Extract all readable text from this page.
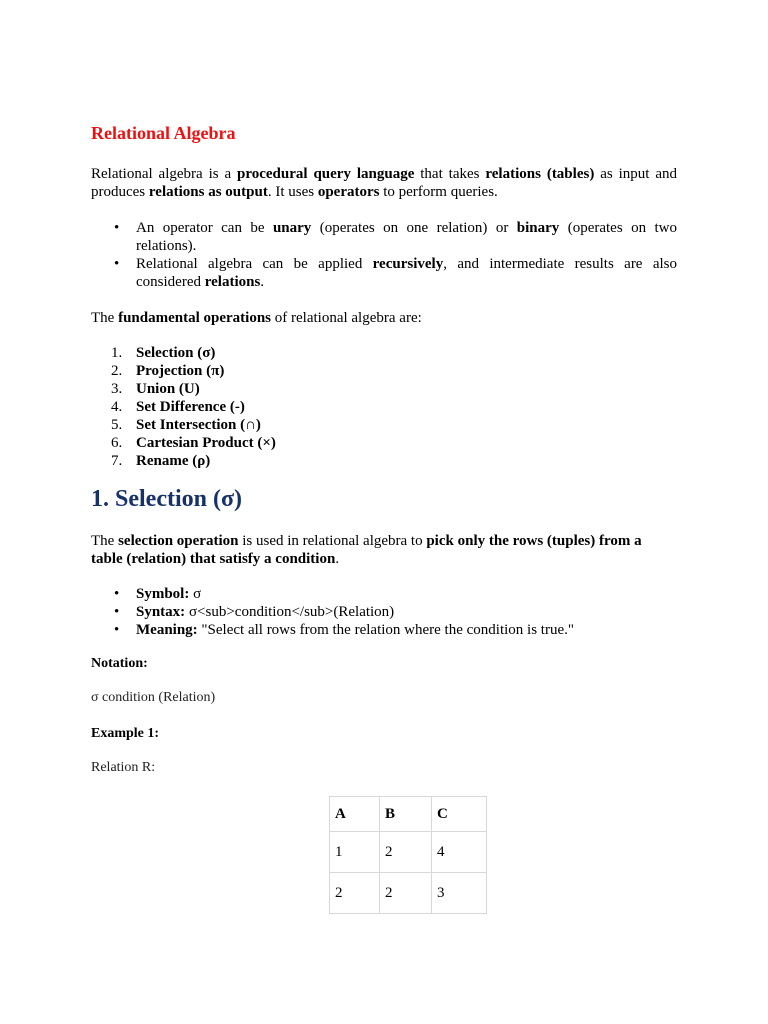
Relational Algebra

Relational algebra is a procedural query language that takes relations (tables) as input and produces relations as output. It uses operators to perform queries.

• An operator can be unary (operates on one relation) or binary (operates on two relations).
• Relational algebra can be applied recursively, and intermediate results are also considered relations.

The fundamental operations of relational algebra are:

1. Selection (σ)
2. Projection (π)
3. Union (U)
4. Set Difference (-)
5. Set Intersection (∩)
6. Cartesian Product (×)
7. Rename (ρ)
1. Selection (σ)

The selection operation is used in relational algebra to pick only the rows (tuples) from a table (relation) that satisfy a condition.

• Symbol: σ
• Syntax: σ<sub>condition</sub>(Relation)
• Meaning: "Select all rows from the relation where the condition is true."

Notation:

σ condition (Relation)

Example 1:

Relation R:

A	B	C
1	2	4
2	2	3
